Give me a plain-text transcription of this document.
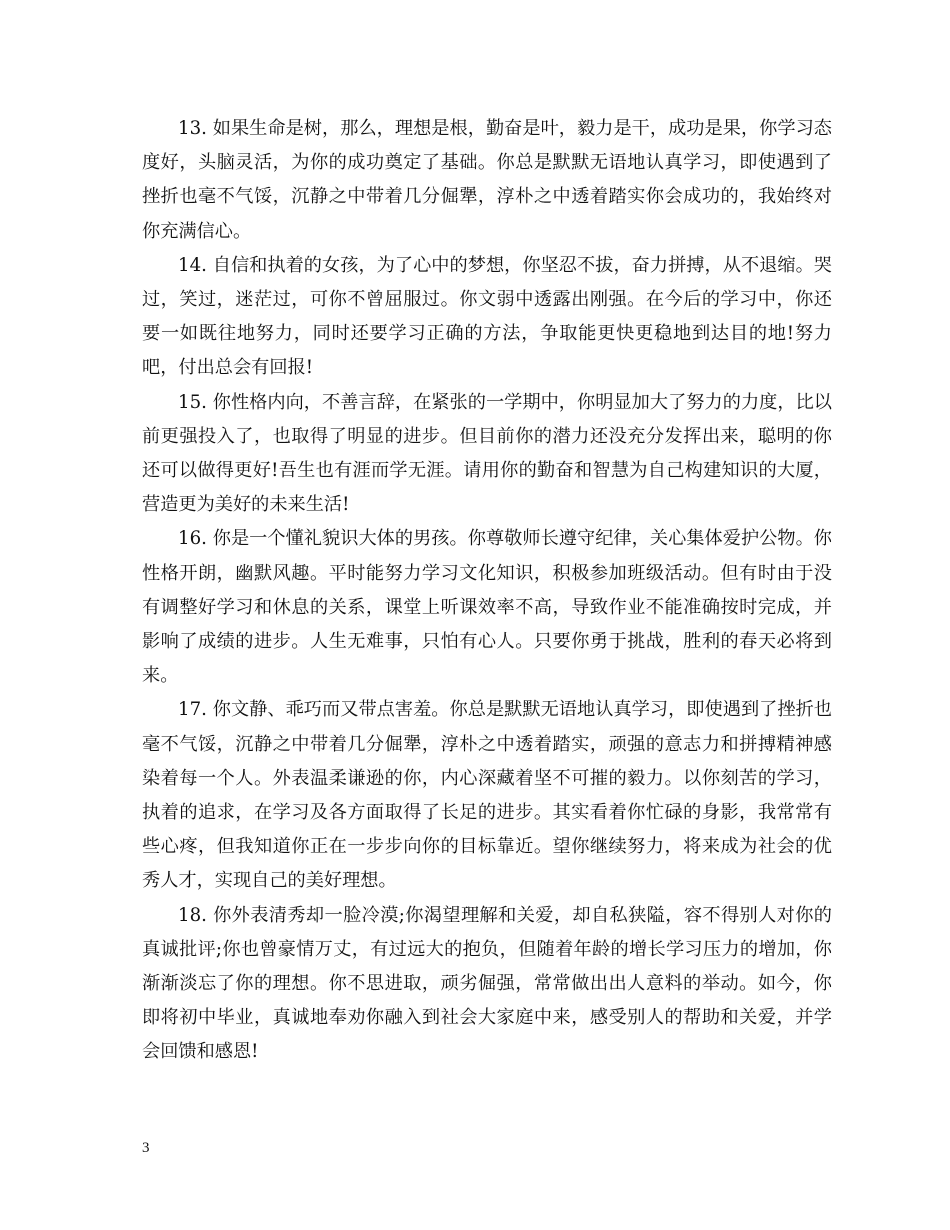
13. 如果生命是树，那么，理想是根，勤奋是叶，毅力是干，成功是果，你学习态度好，头脑灵活，为你的成功奠定了基础。你总是默默无语地认真学习，即使遇到了挫折也毫不气馁，沉静之中带着几分倔犟，淳朴之中透着踏实你会成功的，我始终对你充满信心。

14. 自信和执着的女孩，为了心中的梦想，你坚忍不拔，奋力拼搏，从不退缩。哭过，笑过，迷茫过，可你不曾屈服过。你文弱中透露出刚强。在今后的学习中，你还要一如既往地努力，同时还要学习正确的方法，争取能更快更稳地到达目的地!努力吧，付出总会有回报!

15. 你性格内向，不善言辞，在紧张的一学期中，你明显加大了努力的力度，比以前更强投入了，也取得了明显的进步。但目前你的潜力还没充分发挥出来，聪明的你还可以做得更好!吾生也有涯而学无涯。请用你的勤奋和智慧为自己构建知识的大厦，营造更为美好的未来生活!

16. 你是一个懂礼貌识大体的男孩。你尊敬师长遵守纪律，关心集体爱护公物。你性格开朗，幽默风趣。平时能努力学习文化知识，积极参加班级活动。但有时由于没有调整好学习和休息的关系，课堂上听课效率不高，导致作业不能准确按时完成，并影响了成绩的进步。人生无难事，只怕有心人。只要你勇于挑战，胜利的春天必将到来。

17. 你文静、乖巧而又带点害羞。你总是默默无语地认真学习，即使遇到了挫折也毫不气馁，沉静之中带着几分倔犟，淳朴之中透着踏实，顽强的意志力和拼搏精神感染着每一个人。外表温柔谦逊的你，内心深藏着坚不可摧的毅力。以你刻苦的学习，执着的追求，在学习及各方面取得了长足的进步。其实看着你忙碌的身影，我常常有些心疼，但我知道你正在一步步向你的目标靠近。望你继续努力，将来成为社会的优秀人才，实现自己的美好理想。

18. 你外表清秀却一脸冷漠;你渴望理解和关爱，却自私狭隘，容不得别人对你的真诚批评;你也曾豪情万丈，有过远大的抱负，但随着年龄的增长学习压力的增加，你渐渐淡忘了你的理想。你不思进取，顽劣倔强，常常做出出人意料的举动。如今，你即将初中毕业，真诚地奉劝你融入到社会大家庭中来，感受别人的帮助和关爱，并学会回馈和感恩!

3
